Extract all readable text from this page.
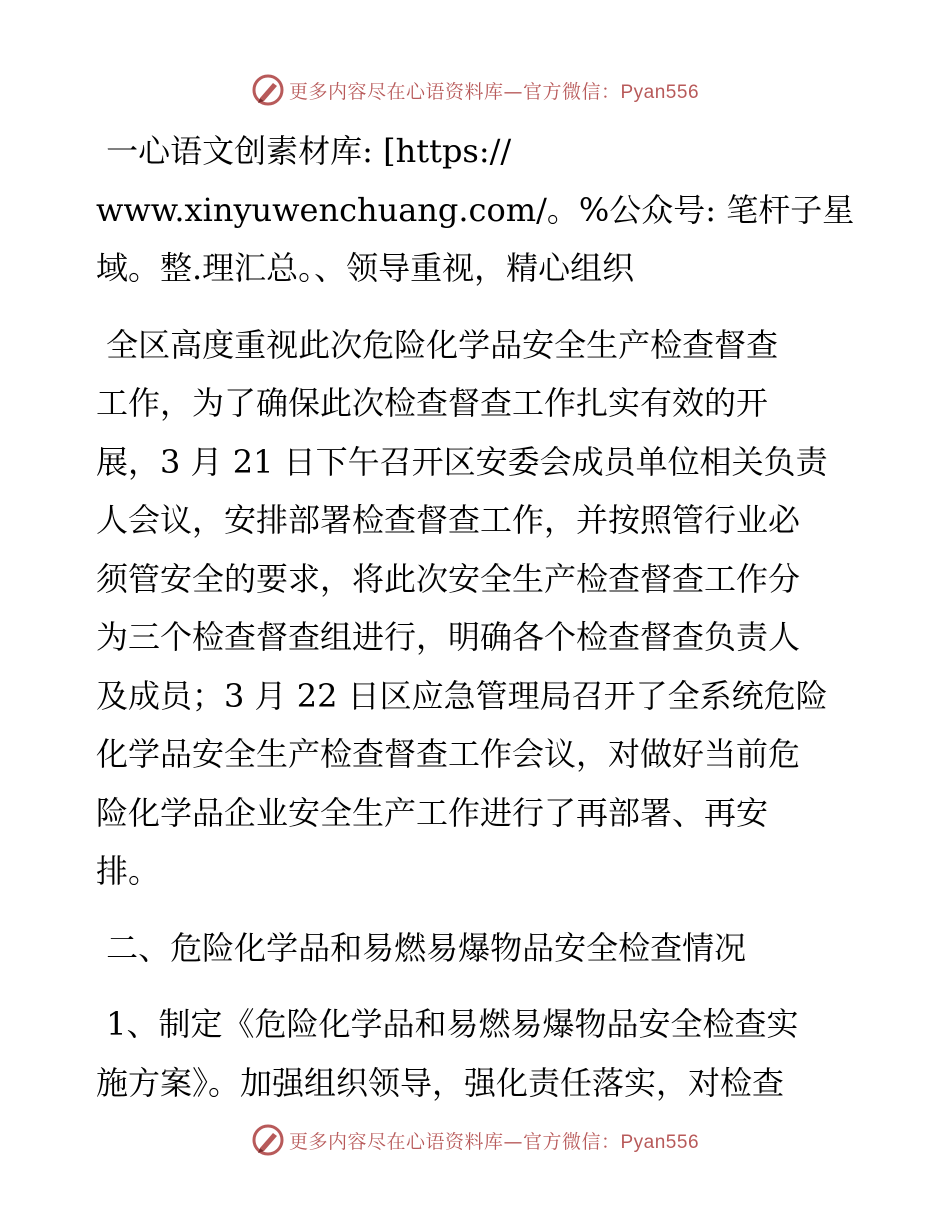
更多内容尽在心语资料库—官方微信：Pyan556

一心语文创素材库: [https://

www.xinyuwenchuang.com/。%公众号: 笔杆子星

域。整.理汇总。、领导重视，精心组织

全区高度重视此次危险化学品安全生产检查督查

工作，为了确保此次检查督查工作扎实有效的开

展，3 月 21 日下午召开区安委会成员单位相关负责

人会议，安排部署检查督查工作，并按照管行业必

须管安全的要求，将此次安全生产检查督查工作分

为三个检查督查组进行，明确各个检查督查负责人

及成员；3 月 22 日区应急管理局召开了全系统危险

化学品安全生产检查督查工作会议，对做好当前危

险化学品企业安全生产工作进行了再部署、再安

排。

二、危险化学品和易燃易爆物品安全检查情况

1、制定《危险化学品和易燃易爆物品安全检查实

施方案》。加强组织领导，强化责任落实，对检查

更多内容尽在心语资料库—官方微信：Pyan556
